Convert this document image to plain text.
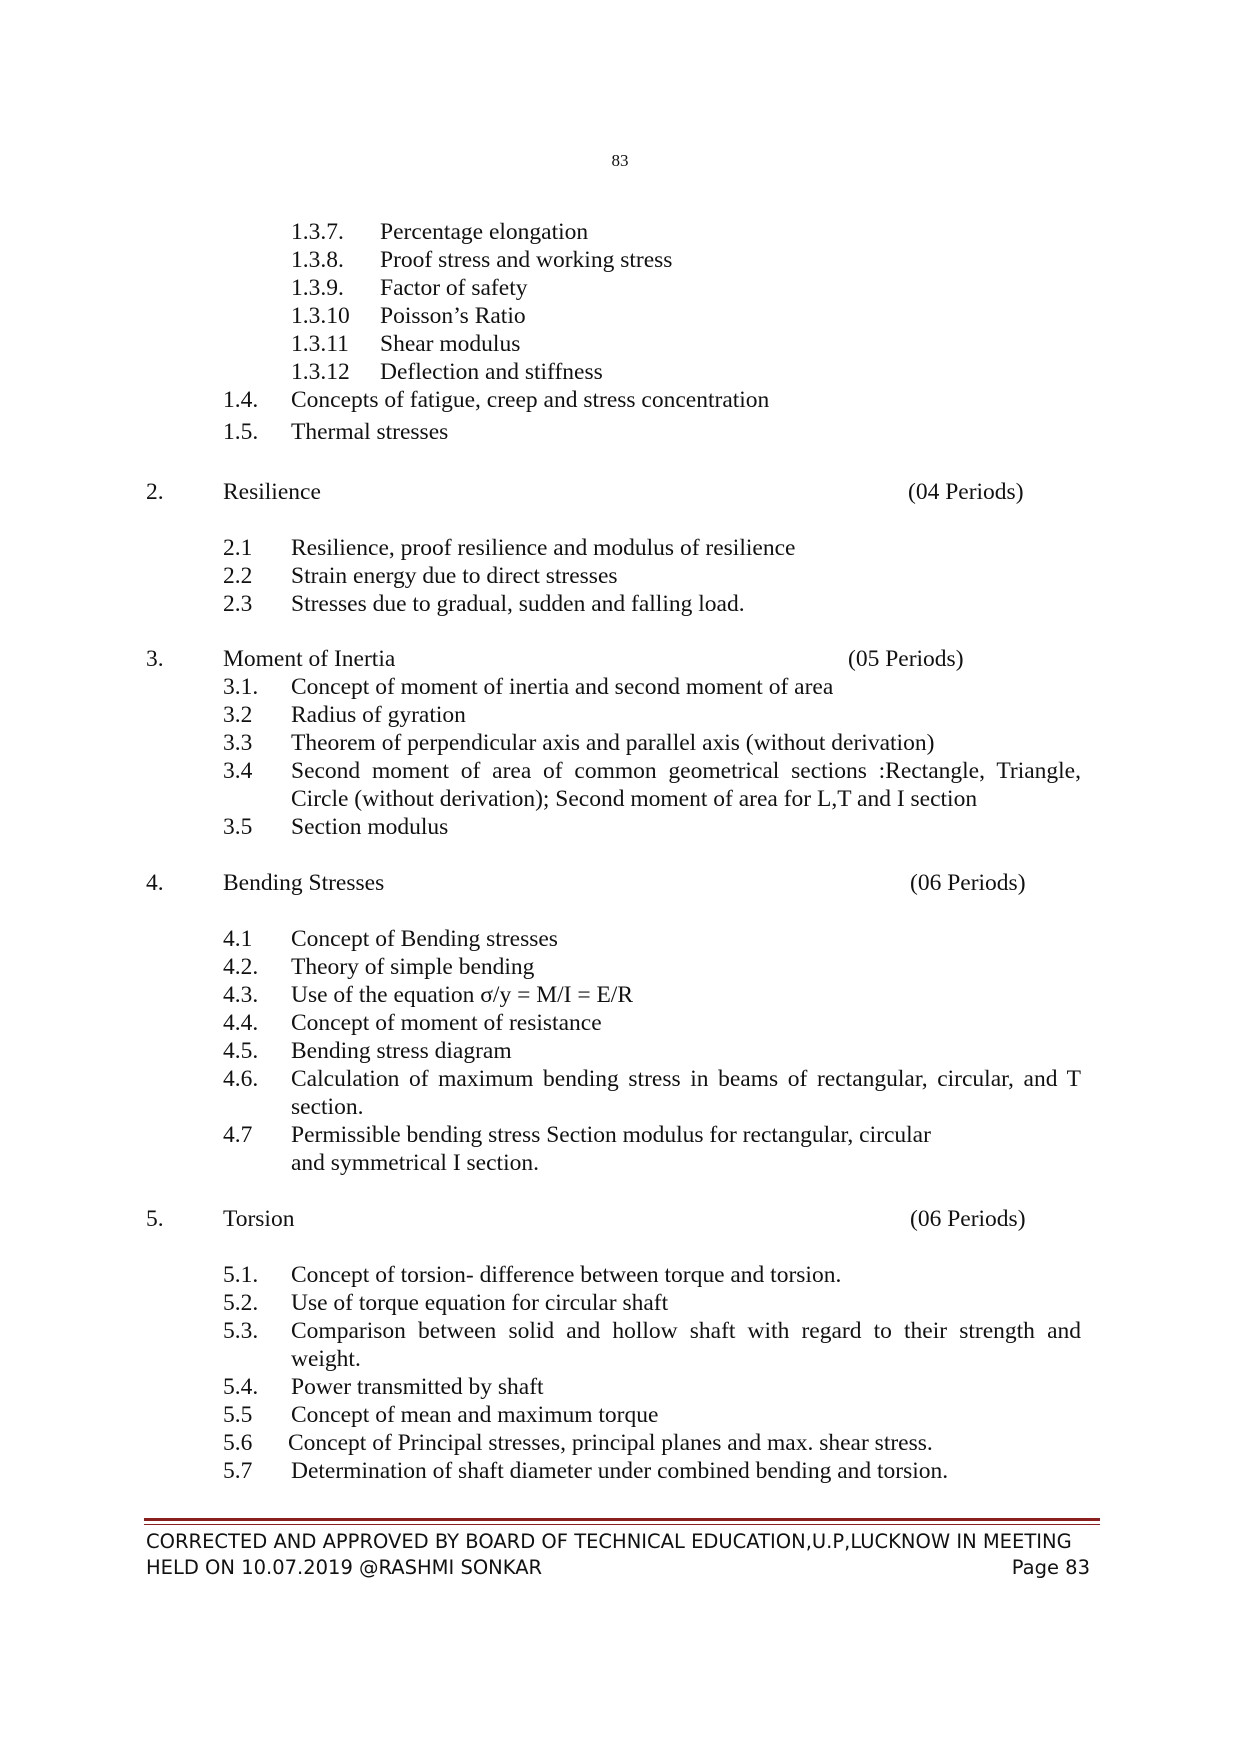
83
1.3.7. Percentage elongation
1.3.8. Proof stress and working stress
1.3.9. Factor of safety
1.3.10 Poisson’s Ratio
1.3.11 Shear modulus
1.3.12 Deflection and stiffness
1.4. Concepts of fatigue, creep and stress concentration
1.5. Thermal stresses
2.	Resilience	(04 Periods)
2.1 Resilience, proof resilience and modulus of resilience
2.2 Strain energy due to direct stresses
2.3 Stresses due to gradual, sudden and falling load.
3.	Moment of Inertia	(05 Periods)
3.1. Concept of moment of inertia and second moment of area
3.2 Radius of gyration
3.3 Theorem of perpendicular axis and parallel axis (without derivation)
3.4 Second moment of area of common geometrical sections :Rectangle, Triangle, Circle (without derivation); Second moment of area for L,T and I section
3.5 Section modulus
4.	Bending Stresses	(06 Periods)
4.1 Concept of Bending stresses
4.2. Theory of simple bending
4.3. Use of the equation σ/y = M/I = E/R
4.4. Concept of moment of resistance
4.5. Bending stress diagram
4.6. Calculation of maximum bending stress in beams of rectangular, circular, and T section.
4.7 Permissible bending stress Section modulus for rectangular, circular
and symmetrical I section.
5.	Torsion	(06 Periods)
5.1. Concept of torsion- difference between torque and torsion.
5.2. Use of torque equation for circular shaft
5.3. Comparison between solid and hollow shaft with regard to their strength and weight.
5.4. Power transmitted by shaft
5.5 Concept of mean and maximum torque
5.6 Concept of Principal stresses, principal planes and max. shear stress.
5.7 Determination of shaft diameter under combined bending and torsion.
CORRECTED AND APPROVED BY BOARD OF TECHNICAL EDUCATION,U.P,LUCKNOW IN MEETING
HELD ON 10.07.2019 @RASHMI SONKAR	Page 83
